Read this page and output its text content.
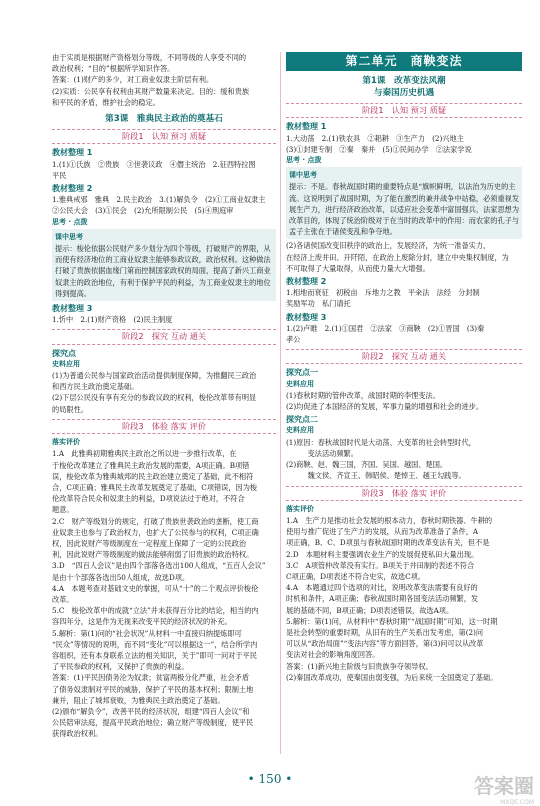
由于实质是根据财产资格划分等级，不同等级的人享受不同的

政治权利；“目的”根据所学知识作答。

答案：(1)财产的多少，对工商业奴隶主阶层有利。

(2)实质：公民享有权利由其财产数量来决定。目的：缓和贵族

和平民的矛盾，维护社会的稳定。

第3课　雅典民主政治的奠基石
阶段1　认知 预习 质疑
教材整理 1

1.(1)①氏族　②贵族　③世袭议政　④僭主统治　2.征西特拉图

平民

教材整理 2

1.雅典戒邪　雅典　2.民主政治　3.(1)解负令　(2)①工商业奴隶主

②公民大会　(3)①民会　(2)允所限制公民　(5)④刑庭审

思考 · 点拨
课中思考

提示：梭伦依据公民财产多少划分为四个等级，打破财产的界限，从而使有经济地位的工商业奴隶主能够参政议政，政治权利。这种做法打破了贵族依据血缘门第而控制国家政权的局面，提高了新兴工商业奴隶主的政治地位，有利于保护平民的利益，为工商业奴隶主的地位得到提高。

教材整理 3

1.忻中　2.(1)财产资格　(2)民主制度

阶段2　探究 互动 通关
探究点
史料应用

(1)为普通公民参与国家政治活动提供制度保障，为推翻民三政治

和西方民主政治奠定基础。

(2)下层公民没有享有充分的参政议政的权利，梭伦改革带有明显

的局限性。

阶段3　体验 落实 评价
落实评价

1.A　此雅典初期雅典民主政治之所以进一步推行改革，在

于梭伦改革建立了雅典民主政治发展的需要，A项正确。B项错

误，梭伦改革为雅典城邦的民主政治建立奠定了基础，此不相符

合，C项正确；雅典民主改革发展奠定了基础，C项错误，因为梭

伦改革符合民众和奴隶主的利益，D项说法过于绝对，不符合

题意。

2.C　财产等级划分的规定，打破了贵族世袭政治的垄断，使工商

业奴隶主也参与了政治权力，也扩大了公民参与的权利，C项正确

权，因此说财产等级制度在一定程度上保障了一定的公民政治

利，因此说财产等级制度的做法能够削弱了旧贵族的政治特权。

3.D　“四百人会议”是由四个部落各选出100人组成，“五百人会议”

是由十个部落各选出50人组成，故选D项。

4.A　本题考查对基础文史的掌握，可从“十”的二个观点评价梭伦

改革。

5.C　梭伦改革中的成就“立法”并未获得百分比的结论，相当的内

容四年分，这是作为无视来改变平民的经济状况的补充。

5.解析：第(1)问的“社会状况”从材料一中直接归纳提炼即可

“民众”等情况的说明，而不同“变化”可以根据这一”，结合所学内

容组织，还有本身联系立法的相关知识，关于”即可一问对于平民

了平民参政的权利，又保护了贵族的利益。

答案：(1)平民因债务沦为奴隶；贫富两极分化严重，社会矛盾

了债务奴隶制对平民的威胁，保护了平民的基本权利；限制土地

兼并，阻止了城邦衰败，为雅典民主政治奠定了基础。

(2)颁布“解负令”，改善平民的经济状况，组建“四百人会议”和

公民陪审法庭，提高平民政治地位；确立财产等级制度，使平民

获得政治权利。

第二单元　商鞅变法
第1课　改革变法风潮
与秦国历史机遇
阶段1　认知 预习 质疑
教材整理 1

1.大动荡　2.(1)铁农具　②耜耕　③生产力　(2)兴地主

(3)①封建专制　②秦　秦并　(5)①民间办学　②法家学说

思考 · 点拨
课中思考

提示：不是。春秋战国时期的重要特点是“旗帜鲜明，以法治为历史的主流。这说明到了战国时期，为了能在激烈的兼并战争中站稳，必须重视发展生产力，进行经济政治改革，以适应社会变革中富国强兵、法家思想为改革目的，体现了统治阶级对于在当时的改革中的作用：而农家的孔子与孟子主张在于诸侯变乱和争夺地。

(2)各诸侯国改变旧秩序的政治上，发展经济，为统一准备实力，

在经济上废井田、开阡陌，在政治上废除分封，建立中央集权制度，为

不可取得了大量取得，从而使力量大大增强。

教材整理 2

1.相地而衰征　初税亩　斥地力之教　平籴法　法经　分封制

奖励军功　私门请托

教材整理 3

1.(2)卢睢　2.(1)①国君　②法家　③商鞅　(2)①晋国　(3)秦

孝公

阶段2　探究 互动 通关
探究点一
史料应用

(1)春秋时期的管仲改革，战国时期的李悝变法。

(2)均促进了本国经济的发展，军事力量的增强和社会的进步。

探究点二
史料应用

(1)原因：春秋战国时代是大动荡、大变革的社会转型时代，

　　　变法活动频繁。

(2)商鞅、赵、魏三国，齐国、吴国、越国、楚国。

　　　魏文侯、齐宣王、韩昭侯、楚悼王、越王勾践等。

阶段3　体验 落实 评价
落实评价

1.A　生产力是推动社会发展的根本动力，春秋时期铁器、牛耕的

使用与推广促进了生产力的发展，从而为改革准备了条件，A

项正确，B、C、D项虽与春秋战国时期的改革变法有关，但不是

2.D　本题材料主要强调农业生产的发展促使私田大量出现。

3.C　A项管仲改革没有实行。B项关于井田制的表述不符合

C项正确，D项表述不符合史实，故选C项。

4.A　本题通过四个选项的对比，说明改革变法需要有良好的

时机和条件，A项正确；春秋战国时期各国变法活动频繁，发

展的基础不同，B项正确；D项表述错误，故选A项。

5.解析：第(1)问，从材料中“春秋时期”“战国时期”可知，这一时期

是社会转型的重要时期，从旧有的生产关系出发考虑，第(2)问

可以从“政治局面”“变法内容”等方面回答，第(3)问可以从改革

变法对社会的影响角度回答。

答案：(1)新兴地主阶级与旧贵族争夺领导权。

(2)秦国改革成功，使秦国由弱变强，为后来统一全国奠定了基础。

• 150 •	答案圈
MXQE.COM
